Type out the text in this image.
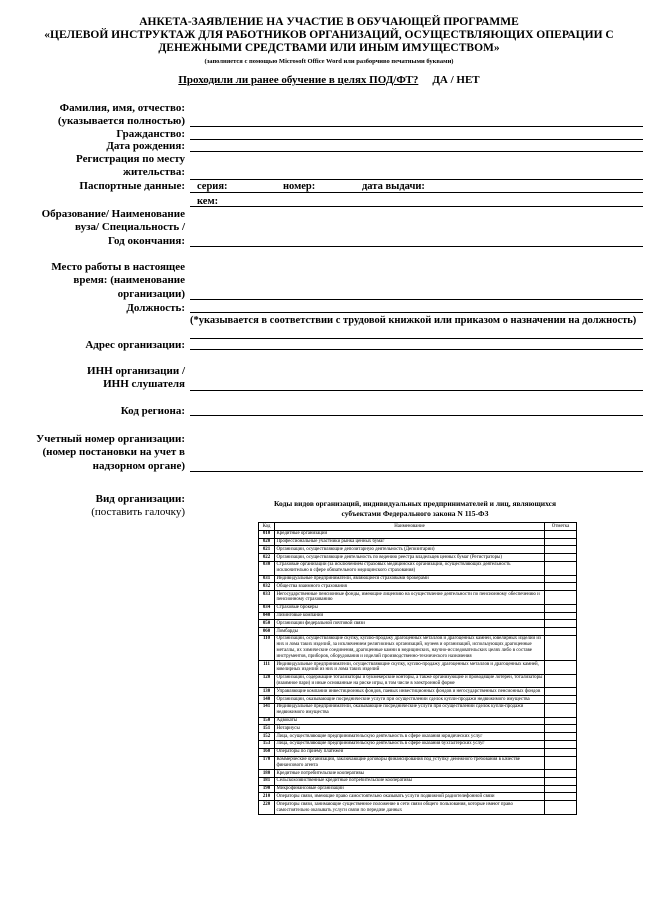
АНКЕТА-ЗАЯВЛЕНИЕ НА УЧАСТИЕ В ОБУЧАЮЩЕЙ ПРОГРАММЕ
«ЦЕЛЕВОЙ ИНСТРУКТАЖ ДЛЯ РАБОТНИКОВ ОРГАНИЗАЦИЙ, ОСУЩЕСТВЛЯЮЩИХ ОПЕРАЦИИ С
ДЕНЕЖНЫМИ СРЕДСТВАМИ ИЛИ ИНЫМ ИМУЩЕСТВОМ»
(заполняется с помощью Microsoft Office Word или разборчиво печатными буквами)
Проходили ли ранее обучение в целях ПОД/ФТ? ДА / НЕТ
Фамилия, имя, отчество:
(указывается полностью)
Гражданство:
Дата рождения:
Регистрация по месту
жительства:
Паспортные данные: серия:	номер:	дата выдачи:
кем:
Образование/ Наименование
вуза/ Специальность /
Год окончания:
Место работы в настоящее
время: (наименование
организации)
Должность:
(*указывается в соответствии с трудовой книжкой или приказом о назначении на должность)
Адрес организации:
ИНН организации /
ИНН слушателя
Код региона:
Учетный номер организации:
(номер постановки на учет в
надзорном органе)
Вид организации:
(поставить галочку)
Коды видов организаций, индивидуальных предпринимателей и лиц, являющихся
субъектами Федерального закона N 115-ФЗ
Код	Наименование	Отметка
010	Кредитные организации	
020	Профессиональные участники рынка ценных бумаг	
021	Организации, осуществляющие депозитарную деятельность (Депозитарии)	
022	Организации, осуществляющие деятельность по ведению реестра владельцев ценных бумаг (Регистраторы)	
030	Страховые организации (за исключением страховых медицинских организаций, осуществляющих деятельность исключительно в сфере обязательного медицинского страхования)	
031	Индивидуальные предприниматели, являющиеся страховыми брокерами	
032	Общества взаимного страхования	
033	Негосударственные пенсионные фонды, имеющие лицензию на осуществление деятельности по пенсионному обеспечению и пенсионному страхованию	
034	Страховые брокеры	
040	Лизинговые компании	
050	Организации федеральной почтовой связи	
060	Ломбарды	
110	Организации, осуществляющие скупку, куплю-продажу драгоценных металлов и драгоценных камней, ювелирных изделий из них и лома таких изделий, за исключением религиозных организаций, музеев и организаций, использующих драгоценные металлы, их химические соединения, драгоценные камни в медицинских, научно-исследовательских целях либо в составе инструментов, приборов, оборудования и изделий производственно-технического назначения	
111	Индивидуальные предприниматели, осуществляющие скупку, куплю-продажу драгоценных металлов и драгоценных камней, ювелирных изделий из них и лома таких изделий	
120	Организации, содержащие тотализаторы и букмекерские конторы, а также организующие и проводящие лотереи, тотализаторы (взаимное пари) и иные основанные на риске игры, в том числе в электронной форме	
130	Управляющие компании инвестиционных фондов, паевых инвестиционных фондов и негосударственных пенсионных фондов	
140	Организации, оказывающие посреднические услуги при осуществлении сделок купли-продажи недвижимого имущества	
141	Индивидуальные предприниматели, оказывающие посреднические услуги при осуществлении сделок купли-продажи недвижимого имущества	
150	Адвокаты	
151	Нотариусы	
152	Лица, осуществляющие предпринимательскую деятельность в сфере оказания юридических услуг	
153	Лица, осуществляющие предпринимательскую деятельность в сфере оказания бухгалтерских услуг	
160	Операторы по приему платежей	
170	Коммерческие организации, заключающие договоры финансирования под уступку денежного требования в качестве финансового агента	
180	Кредитные потребительские кооперативы	
181	Сельскохозяйственные кредитные потребительские кооперативы	
190	Микрофинансовые организации	
210	Операторы связи, имеющие право самостоятельно оказывать услуги подвижной радиотелефонной связи	
220	Операторы связи, занимающие существенное положение в сети связи общего пользования, которые имеют право самостоятельно оказывать услуги связи по передаче данных	
